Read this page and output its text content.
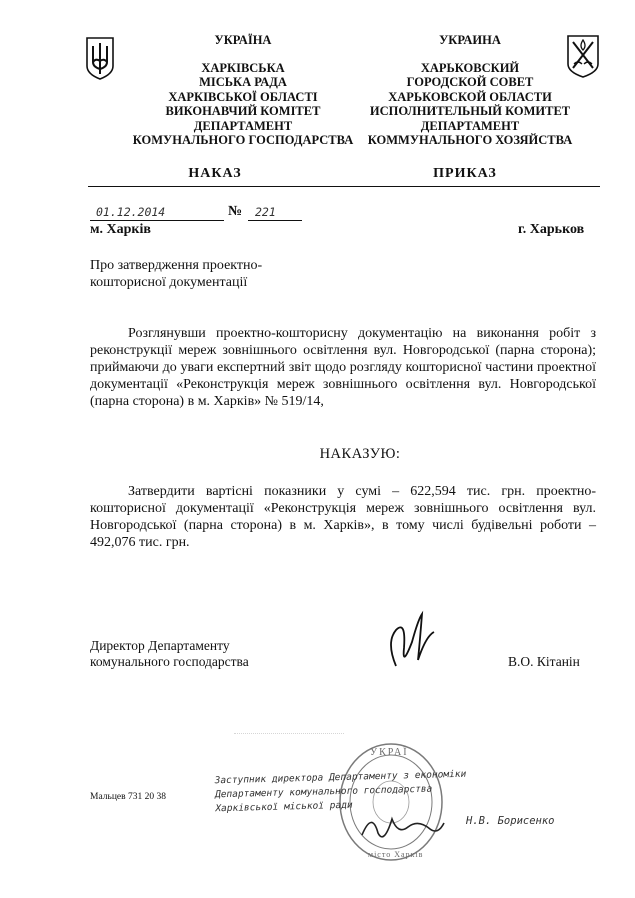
УКРАЇНА
ХАРКІВСЬКА
МІСЬКА РАДА
ХАРКІВСЬКОЇ ОБЛАСТІ
ВИКОНАВЧИЙ КОМІТЕТ
ДЕПАРТАМЕНТ
КОМУНАЛЬНОГО ГОСПОДАРСТВА
УКРАИНА
ХАРЬКОВСКИЙ
ГОРОДСКОЙ СОВЕТ
ХАРЬКОВСКОЙ ОБЛАСТИ
ИСПОЛНИТЕЛЬНЫЙ КОМИТЕТ
ДЕПАРТАМЕНТ
КОММУНАЛЬНОГО ХОЗЯЙСТВА
НАКАЗ	ПРИКАЗ
01.12.2014	№ 221
м. Харків	г. Харьков
Про затвердження проектно-
кошторисної документації
Розглянувши проектно-кошторисну документацію на виконання робіт з реконструкції мереж зовнішнього освітлення вул. Новгородської (парна сторона); приймаючи до уваги експертний звіт щодо розгляду кошторисної частини проектної документації «Реконструкція мереж зовнішнього освітлення вул. Новгородської (парна сторона) в м. Харків» № 519/14,
НАКАЗУЮ:
Затвердити вартісні показники у сумі – 622,594 тис. грн. проектно-кошторисної документації «Реконструкція мереж зовнішнього освітлення вул. Новгородської (парна сторона) в м. Харків», в тому числі будівельні роботи – 492,076 тис. грн.
Директор Департаменту
комунального господарства	В.О. Кітанін
Мальцев 731 20 38
УКРАЇ
місто Харків
Заступник директора Департаменту з економіки
Департаменту комунального господарства
Харківської міської ради
Н.В. Борисенко
